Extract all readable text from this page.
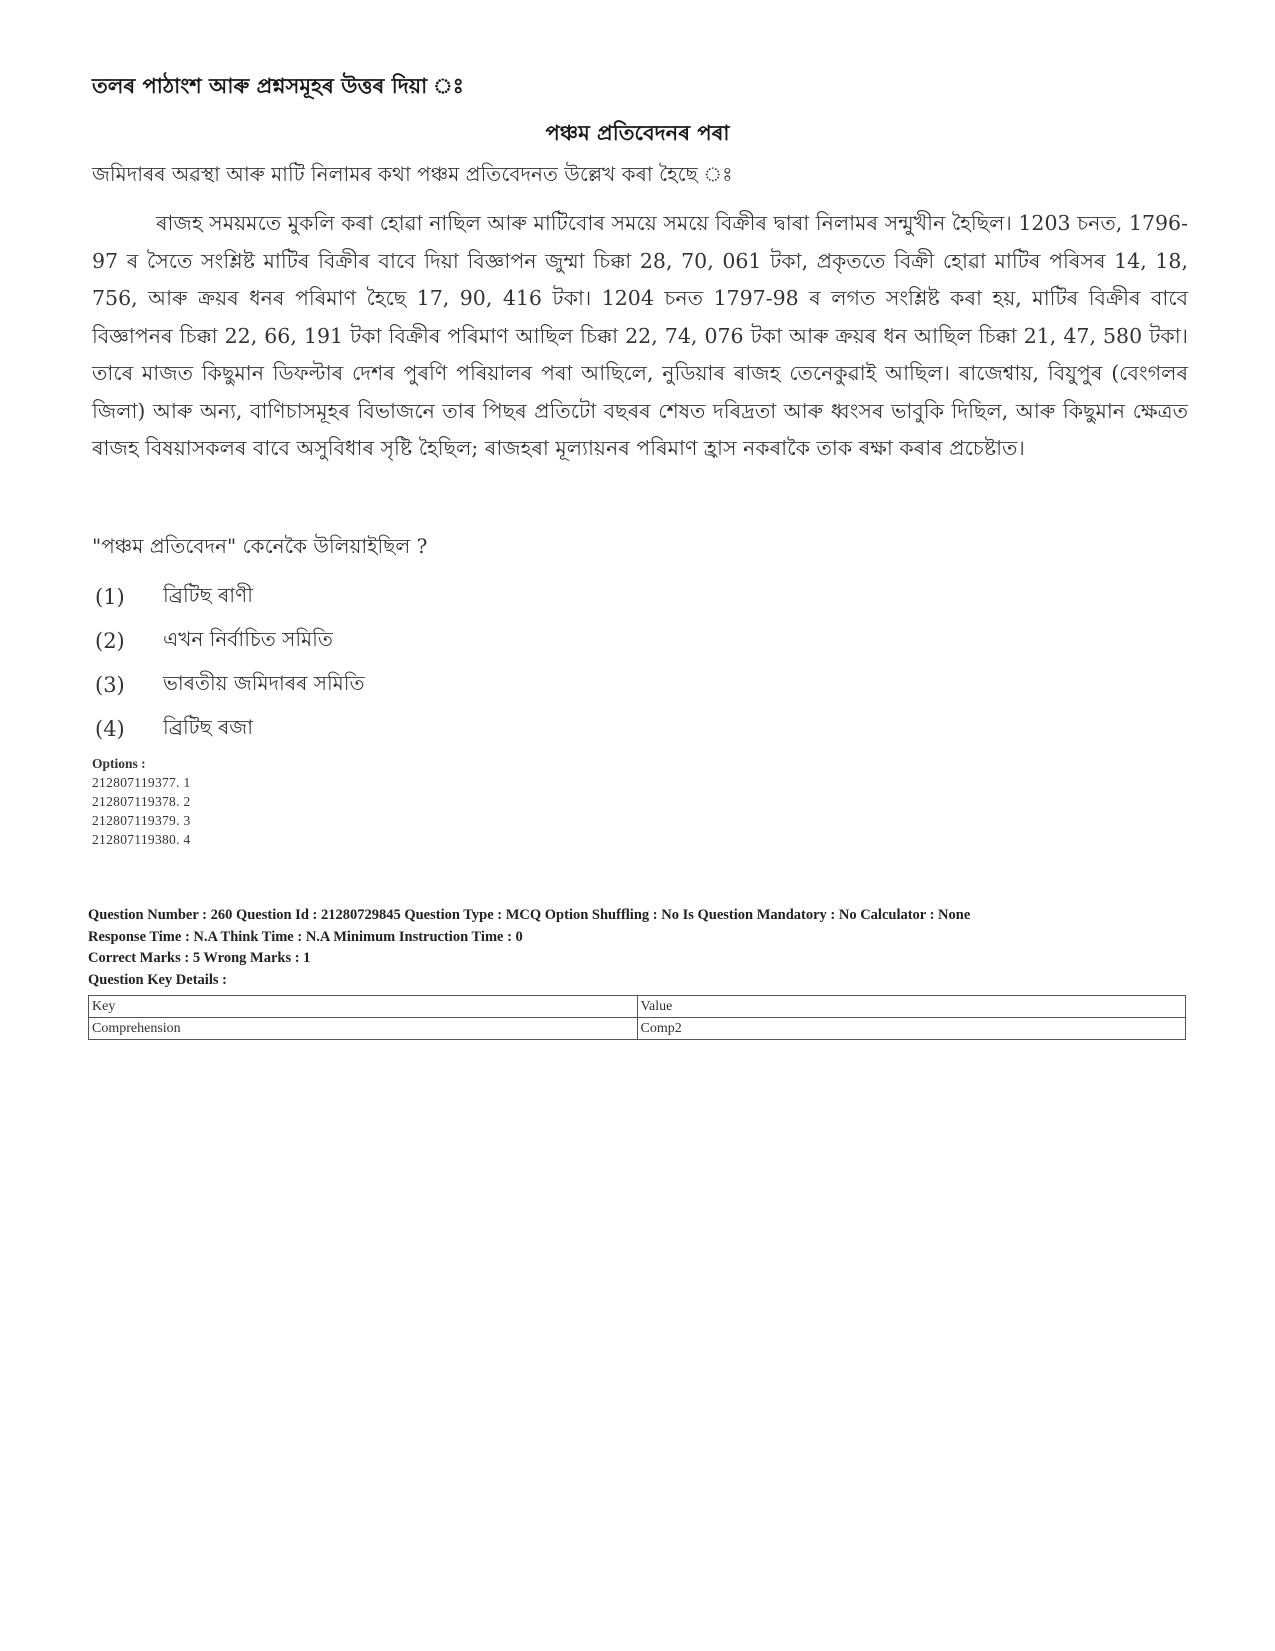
তলৰ পাঠাংশ আৰু প্ৰশ্নসমূহৰ উত্তৰ দিয়া ঃ
পঞ্চম প্ৰতিবেদনৰ পৰা
জমিদাৰৰ অৱস্থা আৰু মাটি নিলামৰ কথা পঞ্চম প্ৰতিবেদনত উল্লেখ কৰা হৈছে ঃ

ৰাজহ সময়মতে মুকলি কৰা হোৱা নাছিল আৰু মাটিবোৰ সময়ে সময়ে বিক্ৰীৰ দ্বাৰা নিলামৰ সন্মুখীন হৈছিল। 1203 চনত, 1796-97 ৰ সৈতে সংশ্লিষ্ট মাটিৰ বিক্ৰীৰ বাবে দিয়া বিজ্ঞাপন জুম্মা চিক্কা 28, 70, 061 টকা, প্ৰকৃততে বিক্ৰী হোৱা মাটিৰ পৰিসৰ 14, 18, 756, আৰু ক্ৰয়ৰ ধনৰ পৰিমাণ হৈছে 17, 90, 416 টকা। 1204 চনত 1797-98 ৰ লগত সংশ্লিষ্ট কৰা হয়, মাটিৰ বিক্ৰীৰ বাবে বিজ্ঞাপনৰ চিক্কা 22, 66, 191 টকা বিক্ৰীৰ পৰিমাণ আছিল চিক্কা 22, 74, 076 টকা আৰু ক্ৰয়ৰ ধন আছিল চিক্কা 21, 47, 580 টকা। তাৰে মাজত কিছুমান ডিফল্টাৰ দেশৰ পুৰণি পৰিয়ালৰ পৰা আছিলে, নুডিয়াৰ ৰাজহ তেনেকুৱাই আছিল। ৰাজেশ্বায়, বিযুপুৰ (বেংগলৰ জিলা) আৰু অন্য, বাণিচাসমূহৰ বিভাজনে তাৰ পিছৰ প্ৰতিটো বছৰৰ শেষত দৰিদ্ৰতা আৰু ধ্বংসৰ ভাবুকি দিছিল, আৰু কিছুমান ক্ষেত্ৰত ৰাজহ বিষয়াসকলৰ বাবে অসুবিধাৰ সৃষ্টি হৈছিল; ৰাজহৰা মূল্যায়নৰ পৰিমাণ হ্ৰাস নকৰাকৈ তাক ৰক্ষা কৰাৰ প্ৰচেষ্টাত।

"পঞ্চম প্ৰতিবেদন" কেনেকৈ উলিয়াইছিল ?
(1)	ব্ৰিটিছ ৰাণী
(2)	এখন নিৰ্বাচিত সমিতি
(3)	ভাৰতীয় জমিদাৰৰ সমিতি
(4)	ব্ৰিটিছ ৰজা
Options :
212807119377. 1
212807119378. 2
212807119379. 3
212807119380. 4
Question Number : 260 Question Id : 21280729845 Question Type : MCQ Option Shuffling : No Is Question Mandatory : No Calculator : None
Response Time : N.A Think Time : N.A Minimum Instruction Time : 0
Correct Marks : 5 Wrong Marks : 1
Question Key Details :
Key	Value
Comprehension	Comp2
